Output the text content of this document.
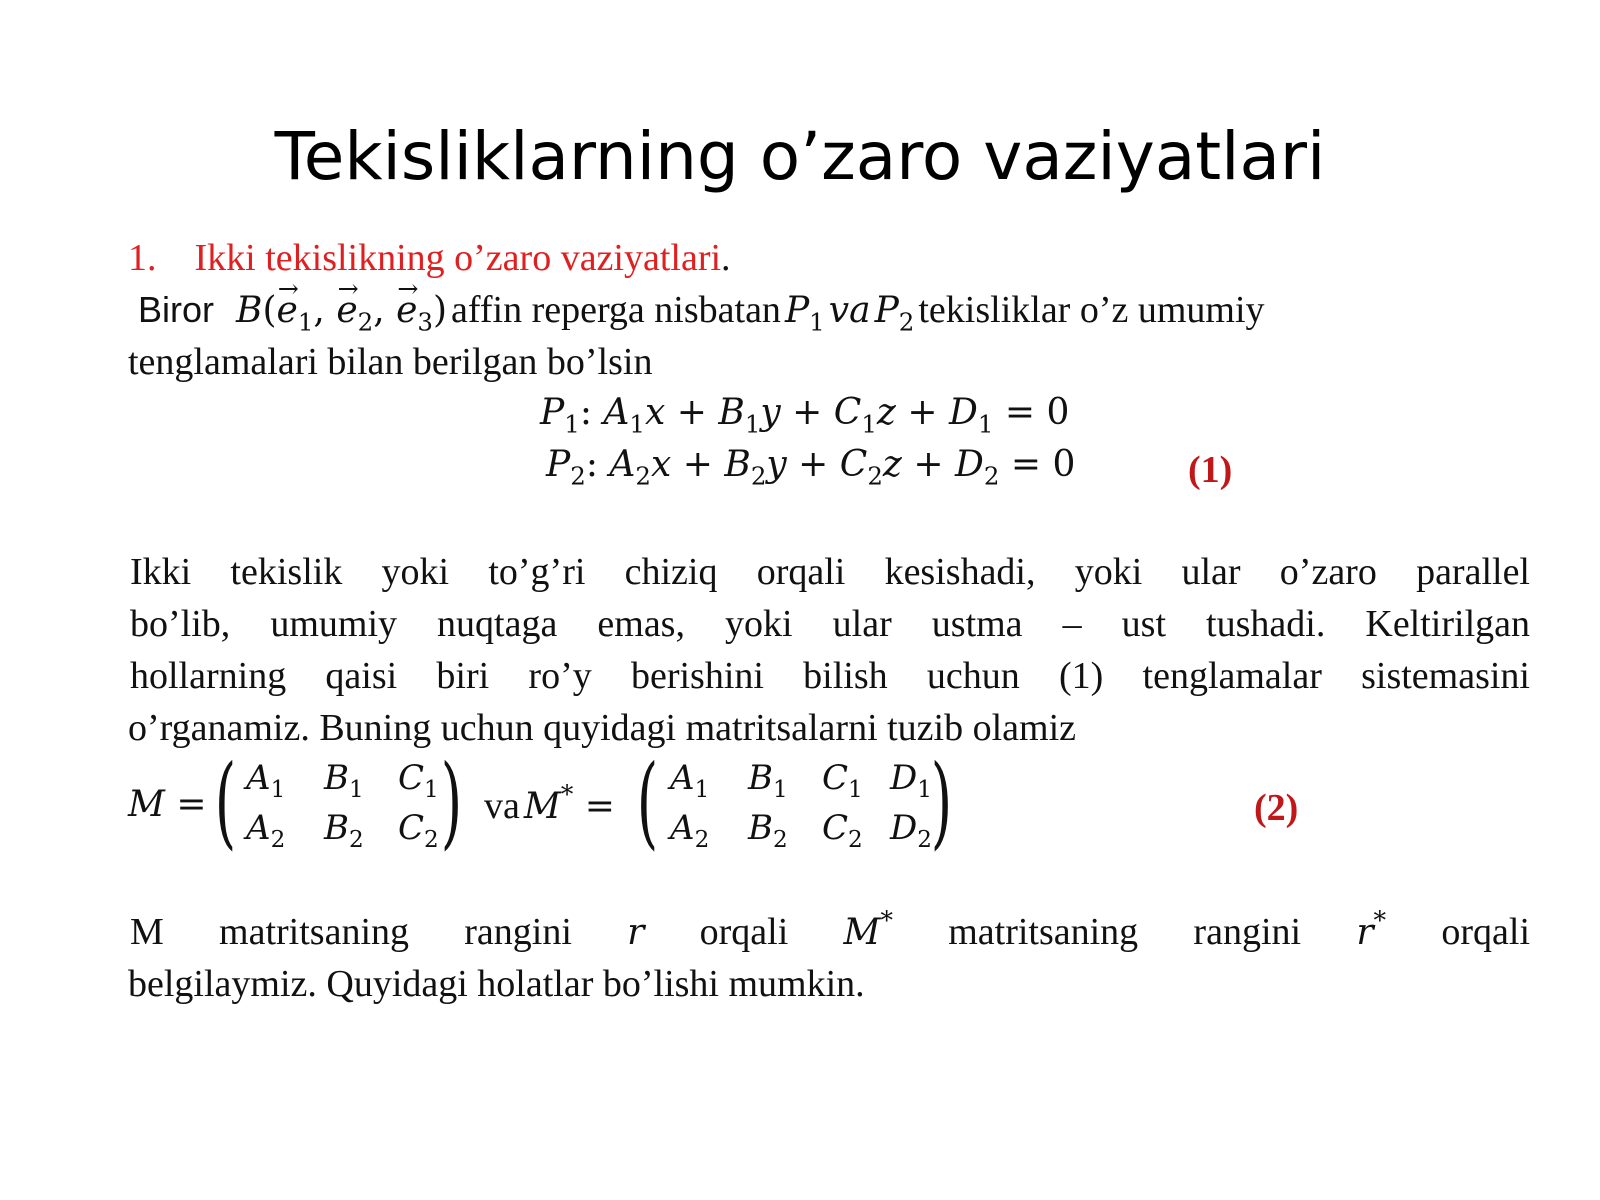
Tekisliklarning o’zaro vaziyatlari
1. Ikki tekislikning o’zaro vaziyatlari.
Biror $B(\to e_1$, → $e_2$, → $e_3$) affin reperga nisbatan $P_1$ va $P_2$ tekisliklar o’z umumiy
tenglamalari bilan berilgan bo’lsin
$P_1$: $A_1x + B_1y + C_1z + D_1 = 0$
$P_2$: $A_2x + B_2y + C_2z + D_2 = 0$	(1)
Ikki tekislik yoki to’g’ri chiziq orqali kesishadi, yoki ular o’zaro parallel
bo’lib, umumiy nuqtaga emas, yoki ular ustma – ust tushadi. Keltirilgan
hollarning qaisi biri ro’y berishini bilish uchun (1) tenglamalar sistemasini
o’rganamiz. Buning uchun quyidagi matritsalarni tuzib olamiz
M = ( $A_1$ $B_1$ $C_1$
$A_2$ $B_2$ $C_2$ ) va M* = ( $A_1$ $B_1$ $C_1$ $D_1$
$A_2$ $B_2$ $C_2$ $D_2$
)	(2)
M matritsaning rangini r orqali M* matritsaning rangini r* orqali
belgilaymiz. Quyidagi holatlar bo’lishi mumkin.
